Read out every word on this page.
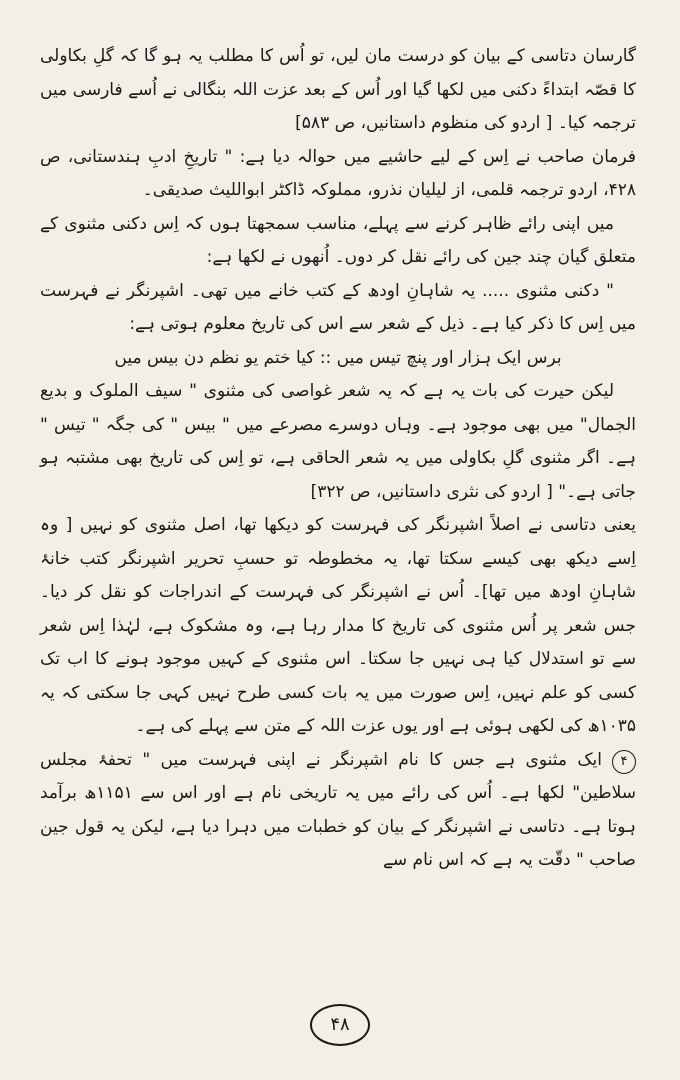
گارسان دتاسی کے بیان کو درست مان لیں، تو اُس کا مطلب یہ ہو گا کہ گلِ بکاولی کا قصّہ ابتداءً دکنی میں لکھا گیا اور اُس کے بعد عزت اللہ بنگالی نے اُسے فارسی میں ترجمہ کیا۔ [ اردو کی منظوم داستانیں، ص ۵۸۳]

فرمان صاحب نے اِس کے لیے حاشیے میں حوالہ دیا ہے: " تاریخِ ادبِ ہندستانی، ص ۴۲۸، اردو ترجمہ قلمی، از لیلیان نذرو، مملوکہ ڈاکٹر ابواللیث صدیقی۔

میں اپنی رائے ظاہر کرنے سے پہلے، مناسب سمجھتا ہوں کہ اِس دکنی مثنوی کے متعلق گیان چند جین کی رائے نقل کر دوں۔ اُنھوں نے لکھا ہے:

" دکنی مثنوی ..... یہ شاہانِ اودھ کے کتب خانے میں تھی۔ اشپرنگر نے فہرست میں اِس کا ذکر کیا ہے۔ ذیل کے شعر سے اس کی تاریخ معلوم ہوتی ہے:

برس ایک ہزار اور پنچ تیس میں :: کیا ختم یو نظم دن بیس میں

لیکن حیرت کی بات یہ ہے کہ یہ شعر غواصی کی مثنوی " سیف الملوک و بدیع الجمال" میں بھی موجود ہے۔ وہاں دوسرے مصرعے میں " بیس " کی جگہ " تیس " ہے۔ اگر مثنوی گلِ بکاولی میں یہ شعر الحاقی ہے، تو اِس کی تاریخ بھی مشتبہ ہو جاتی ہے۔" [ اردو کی نثری داستانیں، ص ۳۲۲]

یعنی دتاسی نے اصلاً اشپرنگر کی فہرست کو دیکھا تھا، اصل مثنوی کو نہیں [ وہ اِسے دیکھ بھی کیسے سکتا تھا، یہ مخطوطہ تو حسبِ تحریر اشپرنگر کتب خانۂ شاہانِ اودھ میں تھا]۔ اُس نے اشپرنگر کی فہرست کے اندراجات کو نقل کر دیا۔ جس شعر پر اُس مثنوی کی تاریخ کا مدار رہا ہے، وہ مشکوک ہے، لہٰذا اِس شعر سے تو استدلال کیا ہی نہیں جا سکتا۔ اس مثنوی کے کہیں موجود ہونے کا اب تک کسی کو علم نہیں، اِس صورت میں یہ بات کسی طرح نہیں کہی جا سکتی کہ یہ ۱۰۳۵ھ کی لکھی ہوئی ہے اور یوں عزت اللہ کے متن سے پہلے کی ہے۔

۴ایک مثنوی ہے جس کا نام اشپرنگر نے اپنی فہرست میں " تحفۂ مجلس سلاطین" لکھا ہے۔ اُس کی رائے میں یہ تاریخی نام ہے اور اس سے ۱۱۵۱ھ برآمد ہوتا ہے۔ دتاسی نے اشپرنگر کے بیان کو خطبات میں دہرا دیا ہے، لیکن یہ قول جین صاحب " دقّت یہ ہے کہ اس نام سے

۴۸
